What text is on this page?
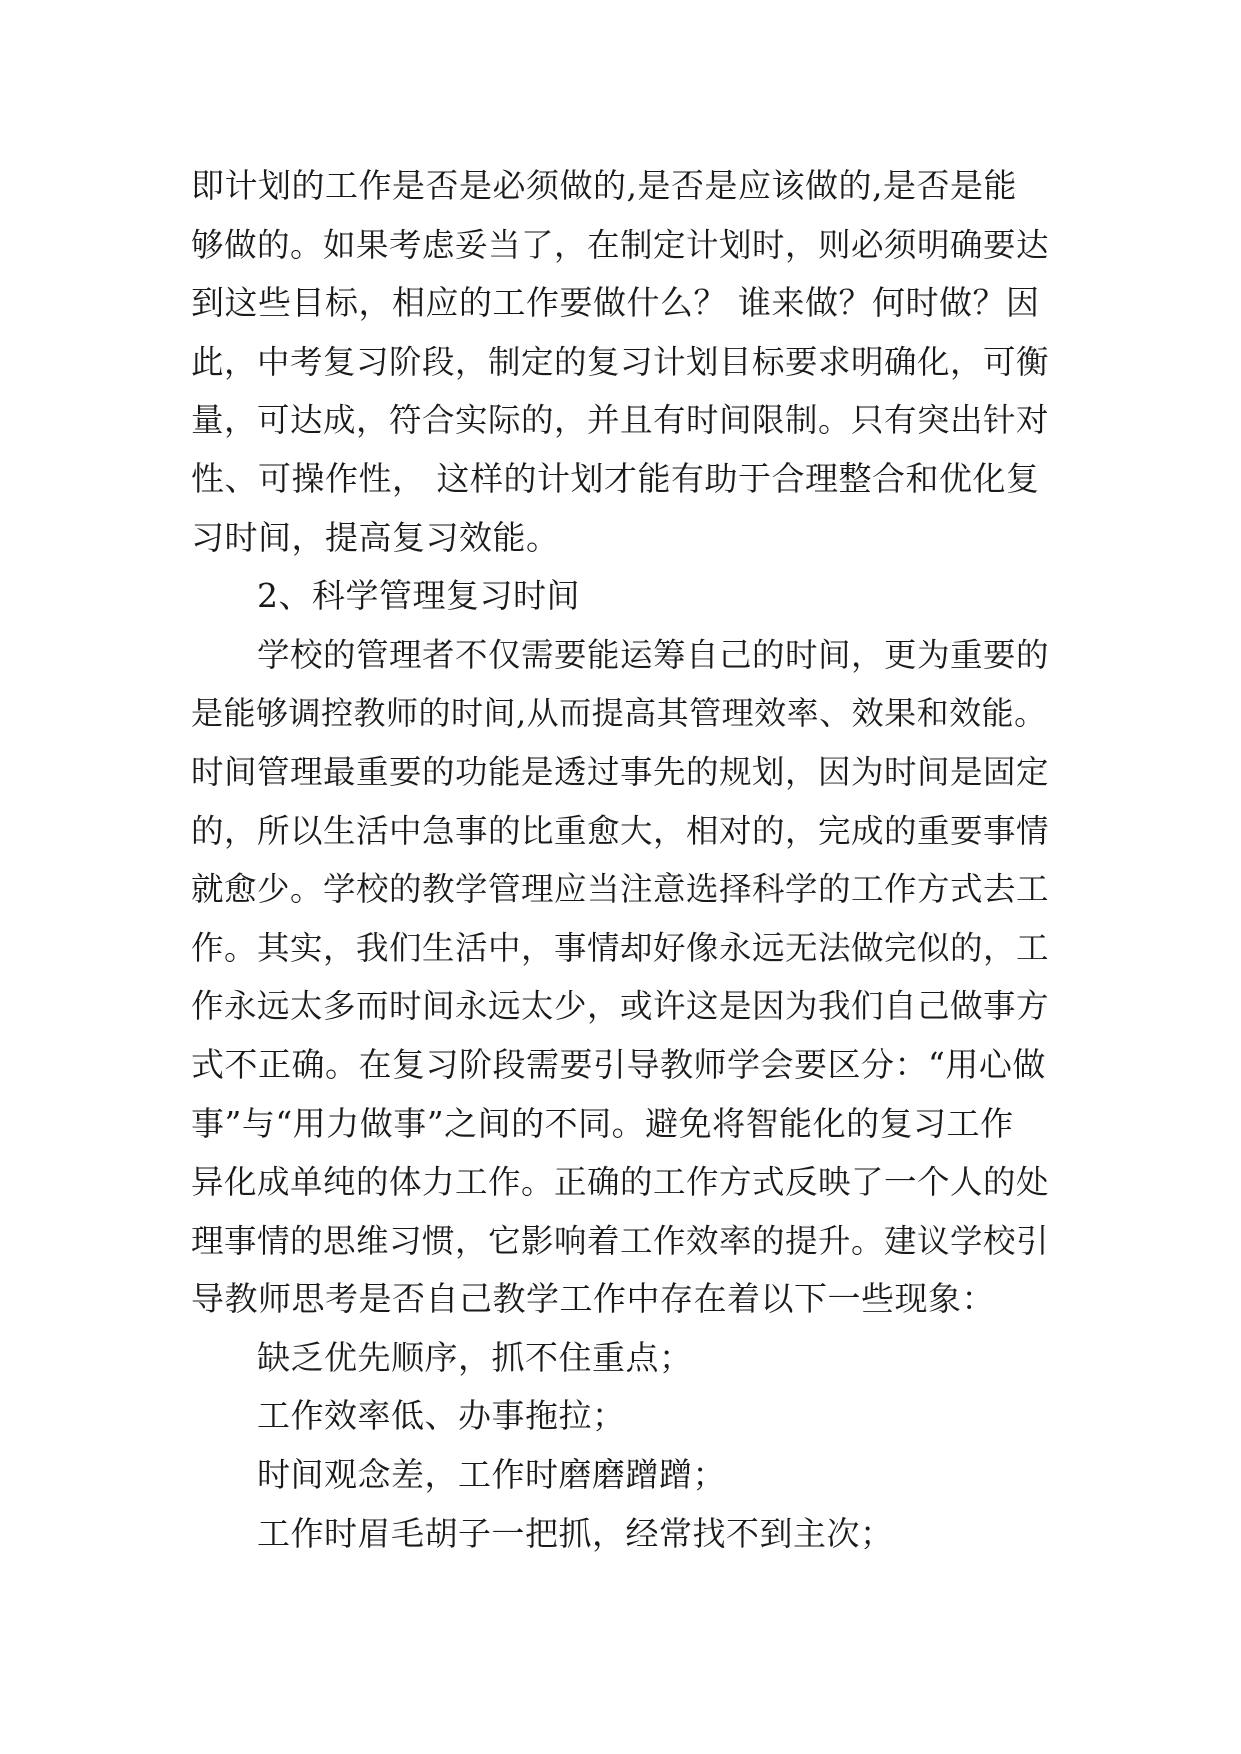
即计划的工作是否是必须做的,是否是应该做的,是否是能
够做的。如果考虑妥当了，在制定计划时，则必须明确要达
到这些目标，相应的工作要做什么？ 谁来做？何时做？因
此，中考复习阶段，制定的复习计划目标要求明确化，可衡
量，可达成，符合实际的，并且有时间限制。只有突出针对
性、可操作性， 这样的计划才能有助于合理整合和优化复
习时间，提高复习效能。
2、科学管理复习时间
学校的管理者不仅需要能运筹自己的时间，更为重要的
是能够调控教师的时间,从而提高其管理效率、效果和效能。
时间管理最重要的功能是透过事先的规划，因为时间是固定
的，所以生活中急事的比重愈大，相对的，完成的重要事情
就愈少。学校的教学管理应当注意选择科学的工作方式去工
作。其实，我们生活中，事情却好像永远无法做完似的，工
作永远太多而时间永远太少，或许这是因为我们自己做事方
式不正确。在复习阶段需要引导教师学会要区分：“用心做
事”与“用力做事”之间的不同。避免将智能化的复习工作
异化成单纯的体力工作。正确的工作方式反映了一个人的处
理事情的思维习惯，它影响着工作效率的提升。建议学校引
导教师思考是否自己教学工作中存在着以下一些现象：
缺乏优先顺序，抓不住重点；
工作效率低、办事拖拉；
时间观念差，工作时磨磨蹭蹭；
工作时眉毛胡子一把抓，经常找不到主次；
